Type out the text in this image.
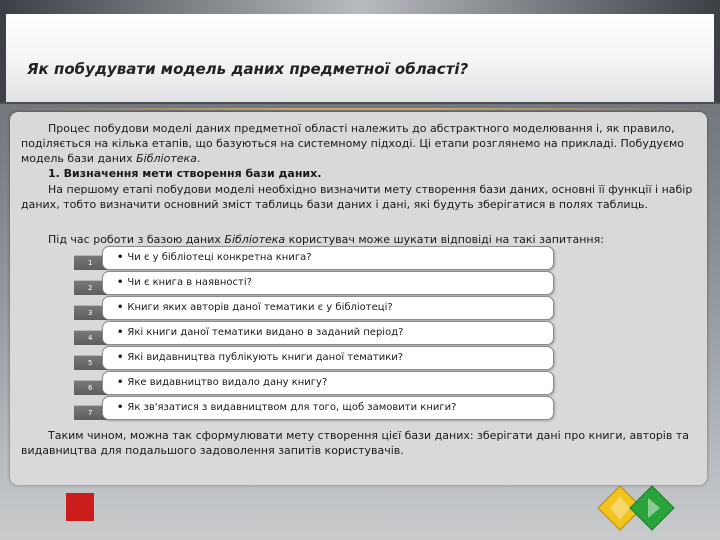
Як побудувати модель даних предметної області?

Процес побудови моделі даних предметної області належить до абстрактного моделювання і, як правило, поділяється на кілька етапів, що базуються на системному підході. Ці етапи розглянемо на прикладі. Побудуємо модель бази даних Бібліотека.

1. Визначення мети створення бази даних.

На першому етапі побудови моделі необхідно визначити мету створення бази даних, основні її функції і набір даних, тобто визначити основний зміст таблиць бази даних і дані, які будуть зберігатися в полях таблиць.

Під час роботи з базою даних Бібліотека користувач може шукати відповіді на такі запитання:

1 • Чи є у бібліотеці конкретна книга?
2 • Чи є книга в наявності?
3 • Книги яких авторів даної тематики є у бібліотеці?
4 • Які книги даної тематики видано в заданий період?
5 • Які видавництва публікують книги даної тематики?
6 • Яке видавництво видало дану книгу?
7 • Як зв'язатися з видавництвом для того, щоб замовити книги?

Таким чином, можна так сформулювати мету створення цієї бази даних: зберігати дані про книги, авторів та видавництва для подальшого задоволення запитів користувачів.
